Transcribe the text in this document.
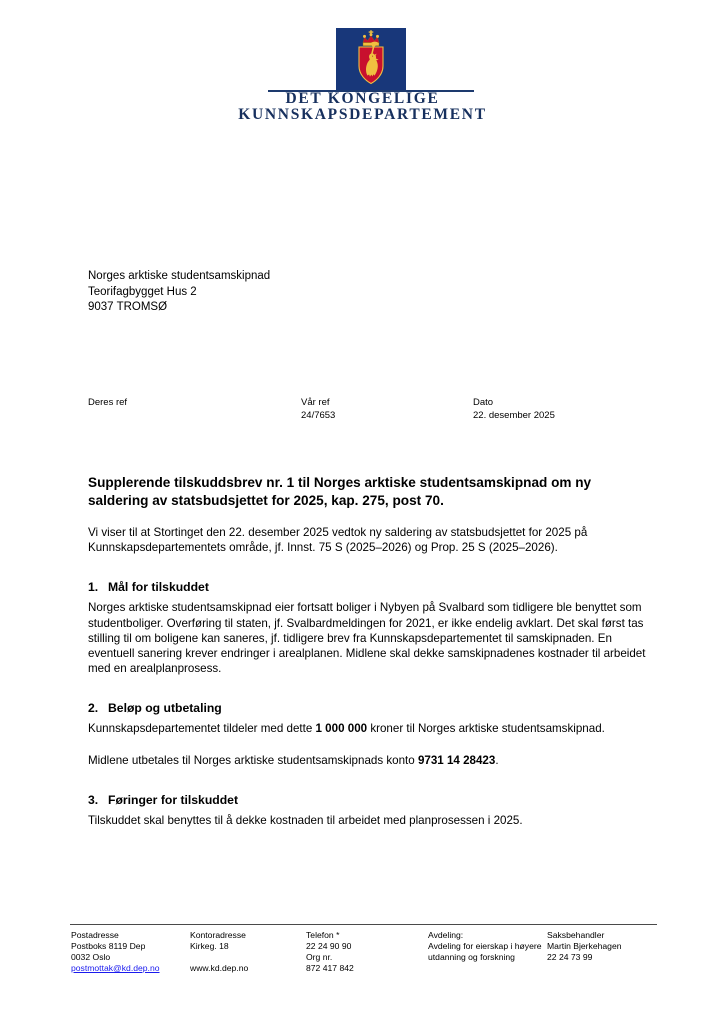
DET KONGELIGE
KUNNSKAPSDEPARTEMENT
Norges arktiske studentsamskipnad
Teorifagbygget Hus 2
9037 TROMSØ
Deres ref	Vår ref
24/7653
Dato
22. desember 2025
Supplerende tilskuddsbrev nr. 1 til Norges arktiske studentsamskipnad om ny saldering av statsbudsjettet for 2025, kap. 275, post 70.

Vi viser til at Stortinget den 22. desember 2025 vedtok ny saldering av statsbudsjettet for 2025 på Kunnskapsdepartementets område, jf. Innst. 75 S (2025–2026) og Prop. 25 S (2025–2026).

1. Mål for tilskuddet

Norges arktiske studentsamskipnad eier fortsatt boliger i Nybyen på Svalbard som tidligere ble benyttet som studentboliger. Overføring til staten, jf. Svalbardmeldingen for 2021, er ikke endelig avklart. Det skal først tas stilling til om boligene kan saneres, jf. tidligere brev fra Kunnskapsdepartementet til samskipnaden. En eventuell sanering krever endringer i arealplanen. Midlene skal dekke samskipnadenes kostnader til arbeidet med en arealplanprosess.

2. Beløp og utbetaling

Kunnskapsdepartementet tildeler med dette 1 000 000 kroner til Norges arktiske studentsamskipnad.

Midlene utbetales til Norges arktiske studentsamskipnads konto 9731 14 28423.

3. Føringer for tilskuddet

Tilskuddet skal benyttes til å dekke kostnaden til arbeidet med planprosessen i 2025.

Postadresse
Postboks 8119 Dep
0032 Oslo
postmottak@kd.dep.no
Kontoradresse
Kirkeg. 18
www.kd.dep.no
Telefon *
22 24 90 90
Org nr.
872 417 842
Avdeling:
Avdeling for eierskap i høyere utdanning og forskning
Saksbehandler
Martin Bjerkehagen
22 24 73 99
